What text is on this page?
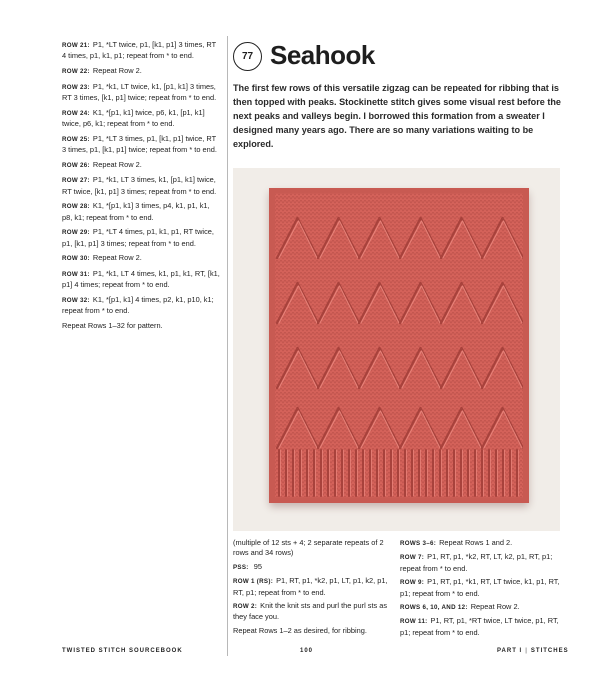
ROW 21: P1, *LT twice, p1, [k1, p1] 3 times, RT 4 times, p1, k1, p1; repeat from * to end.
ROW 22: Repeat Row 2.
ROW 23: P1, *k1, LT twice, k1, [p1, k1] 3 times, RT 3 times, [k1, p1] twice; repeat from * to end.
ROW 24: K1, *[p1, k1] twice, p6, k1, [p1, k1] twice, p6, k1; repeat from * to end.
ROW 25: P1, *LT 3 times, p1, [k1, p1] twice, RT 3 times, p1, [k1, p1] twice; repeat from * to end.
ROW 26: Repeat Row 2.
ROW 27: P1, *k1, LT 3 times, k1, [p1, k1] twice, RT twice, [k1, p1] 3 times; repeat from * to end.
ROW 28: K1, *[p1, k1] 3 times, p4, k1, p1, k1, p8, k1; repeat from * to end.
ROW 29: P1, *LT 4 times, p1, k1, p1, RT twice, p1, [k1, p1] 3 times; repeat from * to end.
ROW 30: Repeat Row 2.
ROW 31: P1, *k1, LT 4 times, k1, p1, k1, RT, [k1, p1] 4 times; repeat from * to end.
ROW 32: K1, *[p1, k1] 4 times, p2, k1, p10, k1; repeat from * to end.
Repeat Rows 1–32 for pattern.
77 Seahook
The first few rows of this versatile zigzag can be repeated for ribbing that is then topped with peaks. Stockinette stitch gives some visual rest before the next peaks and valleys begin. I borrowed this formation from a sweater I designed many years ago. There are so many variations waiting to be explored.
(multiple of 12 sts + 4; 2 separate repeats of 2 rows and 34 rows)
PSS: 95
ROW 1 (RS): P1, RT, p1, *k2, p1, LT, p1, k2, p1, RT, p1; repeat from * to end.
ROW 2: Knit the knit sts and purl the purl sts as they face you.
Repeat Rows 1–2 as desired, for ribbing.
ROWS 3–6: Repeat Rows 1 and 2.
ROW 7: P1, RT, p1, *k2, RT, LT, k2, p1, RT, p1; repeat from * to end.
ROW 9: P1, RT, p1, *k1, RT, LT twice, k1, p1, RT, p1; repeat from * to end.
ROWS 6, 10, AND 12: Repeat Row 2.
ROW 11: P1, RT, p1, *RT twice, LT twice, p1, RT, p1; repeat from * to end.
TWISTED STITCH SOURCEBOOK	100	PART I | STITCHES
